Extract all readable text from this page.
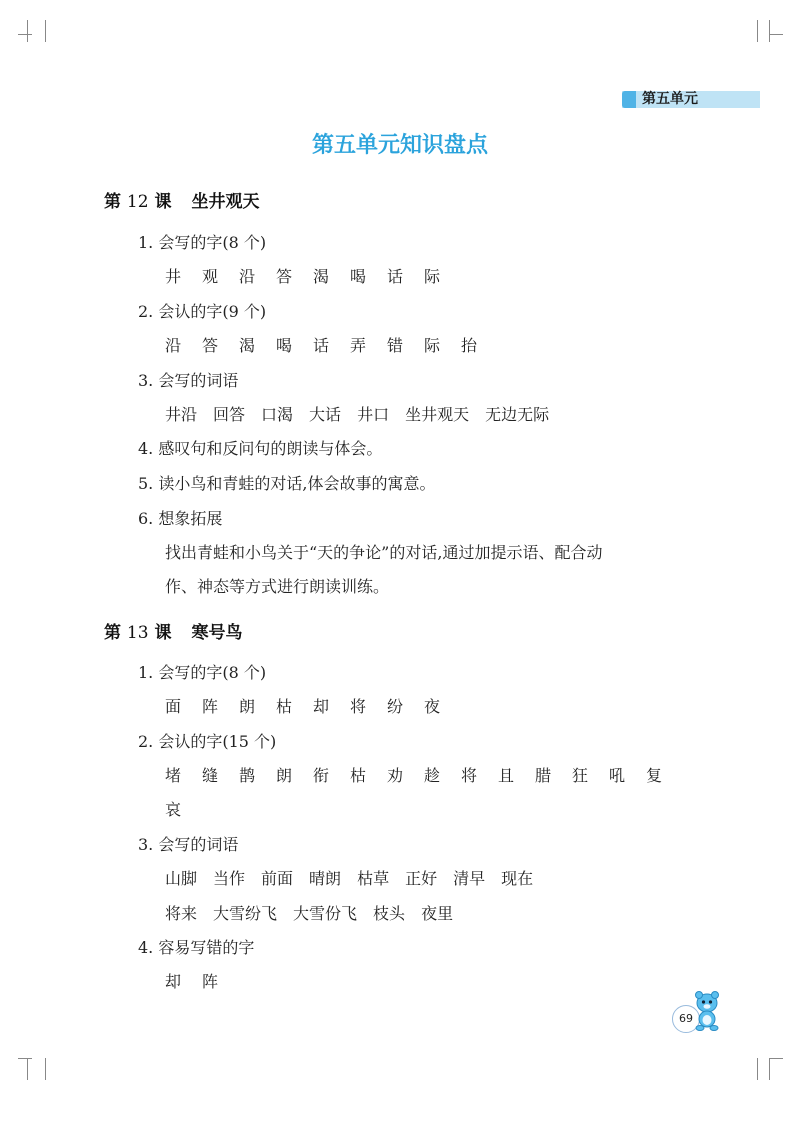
第五单元
第五单元知识盘点
第 12 课 坐井观天
1. 会写的字(8 个)
井 观 沿 答 渴 喝 话 际
2. 会认的字(9 个)
沿 答 渴 喝 话 弄 错 际 抬
3. 会写的词语
井沿 回答 口渴 大话 井口 坐井观天 无边无际
4. 感叹句和反问句的朗读与体会。
5. 读小鸟和青蛙的对话,体会故事的寓意。
6. 想象拓展
找出青蛙和小鸟关于“天的争论”的对话,通过加提示语、配合动
作、神态等方式进行朗读训练。
第 13 课 寒号鸟
1. 会写的字(8 个)
面 阵 朗 枯 却 将 纷 夜
2. 会认的字(15 个)
堵 缝 鹊 朗 衔 枯 劝 趁 将 且 腊 狂 吼 复
哀
3. 会写的词语
山脚 当作 前面 晴朗 枯草 正好 清早 现在
将来 大雪纷飞 大雪份飞 枝头 夜里
4. 容易写错的字
却 阵
69
